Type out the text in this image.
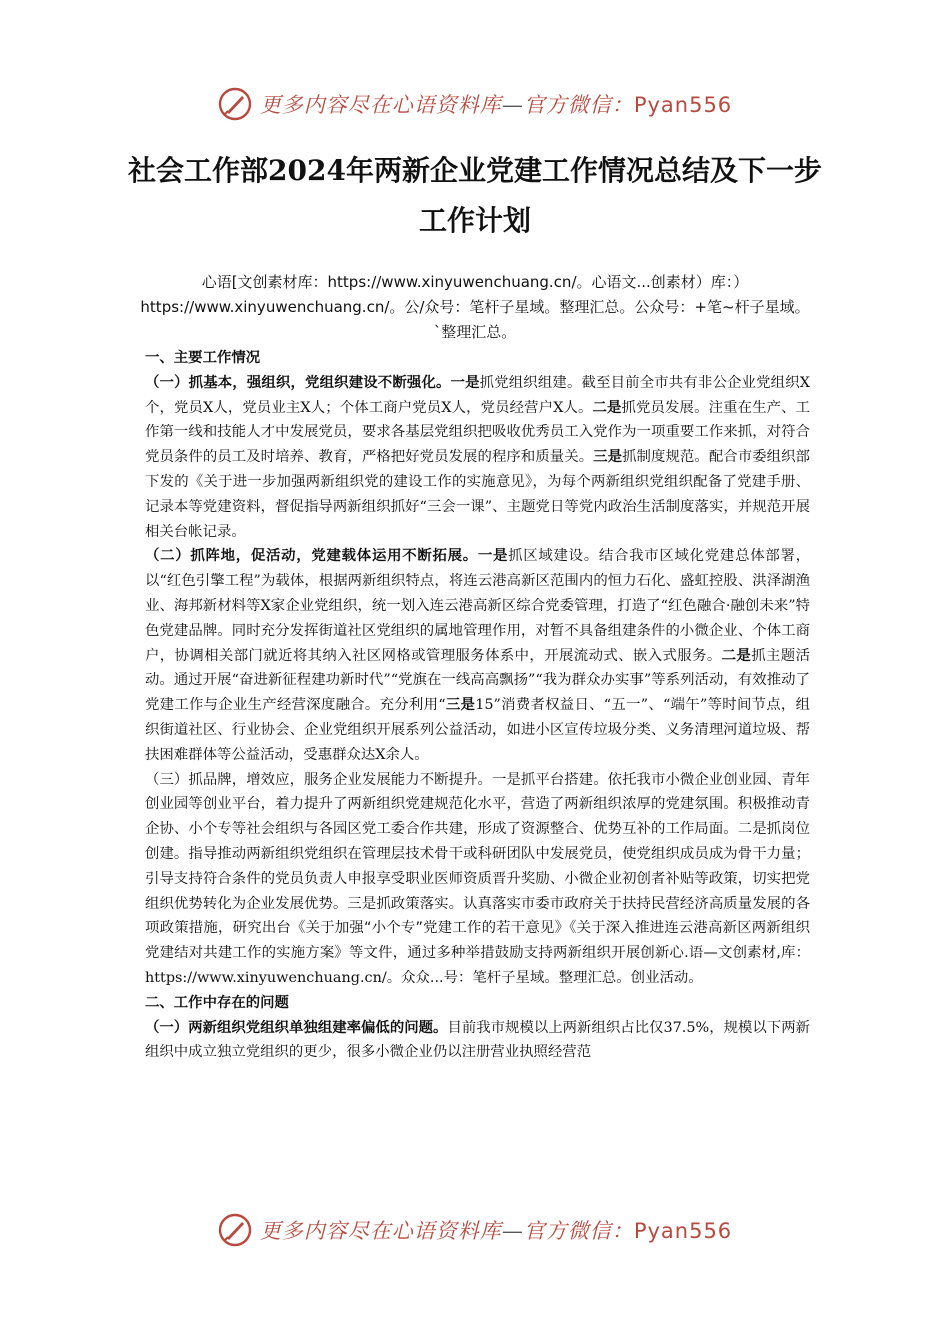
更多内容尽在心语资料库—官方微信：Pyan556
社会工作部2024年两新企业党建工作情况总结及下一步工作计划
心语[文创素材库：https://www.xinyuwenchuang.cn/。心语文...创素材）库：）https://www.xinyuwenchuang.cn/。公/众号：笔杆子星域。整理汇总。公众号：+笔~杆子星域。`整理汇总。

一、主要工作情况

（一）抓基本，强组织，党组织建设不断强化。一是抓党组织组建。截至目前全市共有非公企业党组织X个，党员X人，党员业主X人；个体工商户党员X人，党员经营户X人。二是抓党员发展。注重在生产、工作第一线和技能人才中发展党员，要求各基层党组织把吸收优秀员工入党作为一项重要工作来抓，对符合党员条件的员工及时培养、教育，严格把好党员发展的程序和质量关。三是抓制度规范。配合市委组织部下发的《关于进一步加强两新组织党的建设工作的实施意见》，为每个两新组织党组织配备了党建手册、记录本等党建资料，督促指导两新组织抓好“三会一课”、主题党日等党内政治生活制度落实，并规范开展相关台帐记录。

（二）抓阵地，促活动，党建载体运用不断拓展。一是抓区域建设。结合我市区域化党建总体部署，以“红色引擎工程”为载体，根据两新组织特点，将连云港高新区范围内的恒力石化、盛虹控股、洪泽湖渔业、海邦新材料等X家企业党组织，统一划入连云港高新区综合党委管理，打造了“红色融合·融创未来”特色党建品牌。同时充分发挥街道社区党组织的属地管理作用，对暂不具备组建条件的小微企业、个体工商户，协调相关部门就近将其纳入社区网格或管理服务体系中，开展流动式、嵌入式服务。二是抓主题活动。通过开展“奋进新征程建功新时代”“党旗在一线高高飘扬”“我为群众办实事”等系列活动，有效推动了党建工作与企业生产经营深度融合。充分利用“三是15”消费者权益日、“五一”、“端午”等时间节点，组织街道社区、行业协会、企业党组织开展系列公益活动，如进小区宣传垃圾分类、义务清理河道垃圾、帮扶困难群体等公益活动，受惠群众达X余人。

（三）抓品牌，增效应，服务企业发展能力不断提升。一是抓平台搭建。依托我市小微企业创业园、青年创业园等创业平台，着力提升了两新组织党建规范化水平，营造了两新组织浓厚的党建氛围。积极推动青企协、小个专等社会组织与各园区党工委合作共建，形成了资源整合、优势互补的工作局面。二是抓岗位创建。指导推动两新组织党组织在管理层技术骨干或科研团队中发展党员，使党组织成员成为骨干力量；引导支持符合条件的党员负责人申报享受职业医师资质晋升奖励、小微企业初创者补贴等政策，切实把党组织优势转化为企业发展优势。三是抓政策落实。认真落实市委市政府关于扶持民营经济高质量发展的各项政策措施，研究出台《关于加强“小个专”党建工作的若干意见》《关于深入推进连云港高新区两新组织党建结对共建工作的实施方案》等文件，通过多种举措鼓励支持两新组织开展创新心.语—文创素材,库：https://www.xinyuwenchuang.cn/。众众...号：笔杆子星域。整理汇总。创业活动。

二、工作中存在的问题

（一）两新组织党组织单独组建率偏低的问题。目前我市规模以上两新组织占比仅37.5%，规模以下两新组织中成立独立党组织的更少，很多小微企业仍以注册营业执照经营范

更多内容尽在心语资料库—官方微信：Pyan556
